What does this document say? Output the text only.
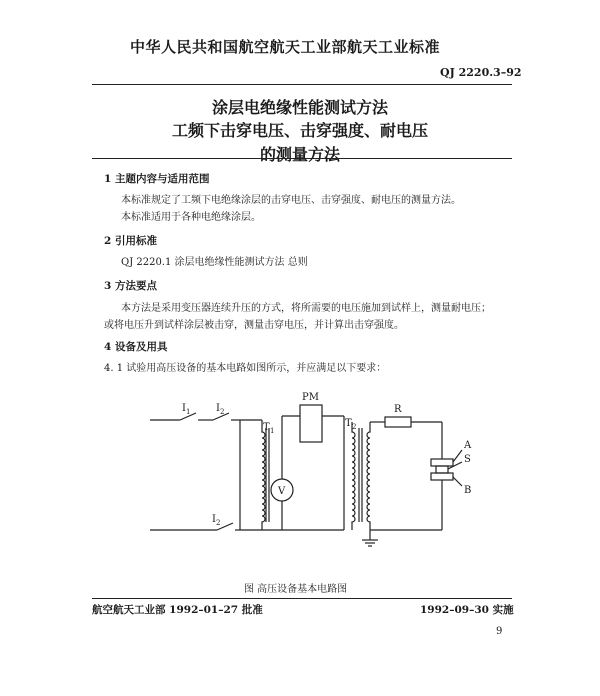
中华人民共和国航空航天工业部航天工业标准
QJ 2220.3–92
涂层电绝缘性能测试方法
工频下击穿电压、击穿强度、耐电压
的测量方法
1 主题内容与适用范围
本标准规定了工频下电绝缘涂层的击穿电压、击穿强度、耐电压的测量方法。
本标准适用于各种电绝缘涂层。
2 引用标准
QJ 2220.1 涂层电绝缘性能测试方法 总则
3 方法要点
本方法是采用变压器连续升压的方式，将所需要的电压施加到试样上，测量耐电压；
或将电压升到试样涂层被击穿，测量击穿电压，并计算出击穿强度。
4 设备及用具
4. 1 试验用高压设备的基本电路如图所示，并应满足以下要求：
I 1	I 2
I 2
T 1
PM
V
T 2
R
A
S
B
图 高压设备基本电路图
航空航天工业部 1992–01–27 批准	1992–09–30 实施
9
